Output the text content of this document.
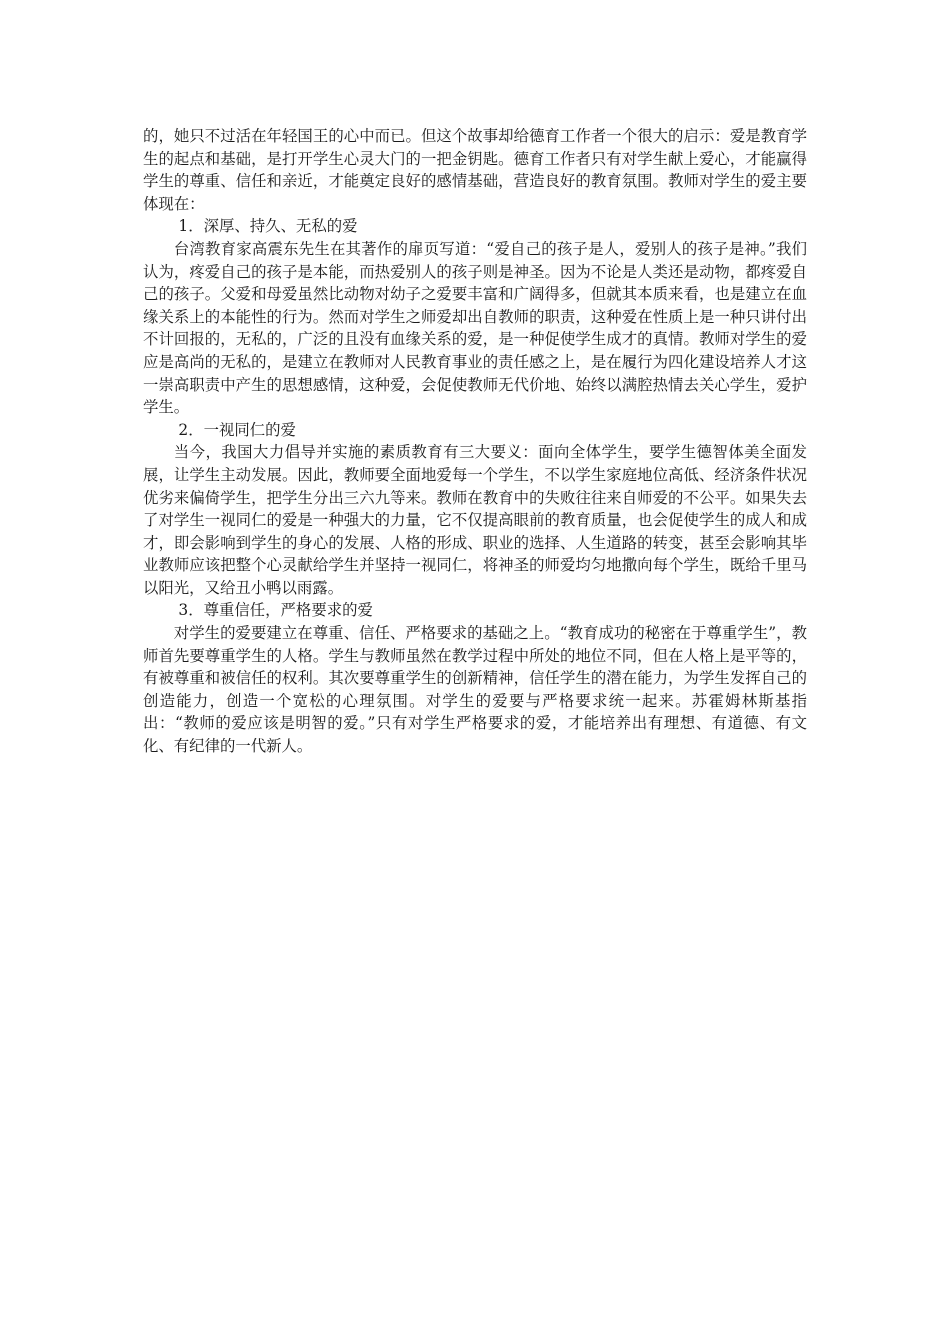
的，她只不过活在年轻国王的心中而已。但这个故事却给德育工作者一个很大的启示：爱是教育学生的起点和基础，是打开学生心灵大门的一把金钥匙。德育工作者只有对学生献上爱心，才能赢得学生的尊重、信任和亲近，才能奠定良好的感情基础，营造良好的教育氛围。教师对学生的爱主要体现在：

1．深厚、持久、无私的爱

台湾教育家高震东先生在其著作的扉页写道：“爱自己的孩子是人，爱别人的孩子是神。”我们认为，疼爱自己的孩子是本能，而热爱别人的孩子则是神圣。因为不论是人类还是动物，都疼爱自己的孩子。父爱和母爱虽然比动物对幼子之爱要丰富和广阔得多，但就其本质来看，也是建立在血缘关系上的本能性的行为。然而对学生之师爱却出自教师的职责，这种爱在性质上是一种只讲付出不计回报的，无私的，广泛的且没有血缘关系的爱，是一种促使学生成才的真情。教师对学生的爱应是高尚的无私的，是建立在教师对人民教育事业的责任感之上，是在履行为四化建设培养人才这一崇高职责中产生的思想感情，这种爱，会促使教师无代价地、始终以满腔热情去关心学生，爱护学生。

2．一视同仁的爱

当今，我国大力倡导并实施的素质教育有三大要义：面向全体学生，要学生德智体美全面发展，让学生主动发展。因此，教师要全面地爱每一个学生，不以学生家庭地位高低、经济条件状况优劣来偏倚学生，把学生分出三六九等来。教师在教育中的失败往往来自师爱的不公平。如果失去了对学生一视同仁的爱是一种强大的力量，它不仅提高眼前的教育质量，也会促使学生的成人和成才，即会影响到学生的身心的发展、人格的形成、职业的选择、人生道路的转变，甚至会影响其毕业教师应该把整个心灵献给学生并坚持一视同仁，将神圣的师爱均匀地撒向每个学生，既给千里马以阳光，又给丑小鸭以雨露。

3．尊重信任，严格要求的爱

对学生的爱要建立在尊重、信任、严格要求的基础之上。“教育成功的秘密在于尊重学生”，教师首先要尊重学生的人格。学生与教师虽然在教学过程中所处的地位不同，但在人格上是平等的，有被尊重和被信任的权利。其次要尊重学生的创新精神，信任学生的潜在能力，为学生发挥自己的创造能力，创造一个宽松的心理氛围。对学生的爱要与严格要求统一起来。苏霍姆林斯基指出：“教师的爱应该是明智的爱。”只有对学生严格要求的爱，才能培养出有理想、有道德、有文化、有纪律的一代新人。
